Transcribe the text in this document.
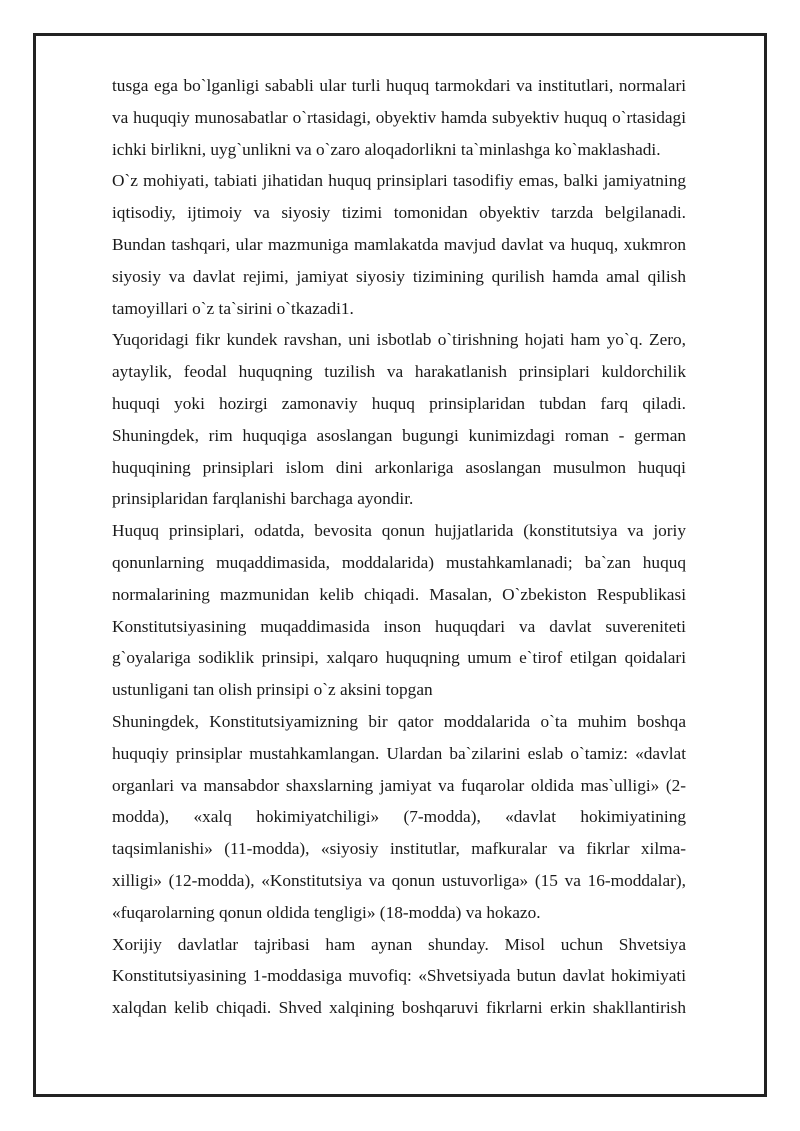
tusga ega bo`lganligi sababli ular turli huquq tarmokdari va institutlari, normalari va huquqiy munosabatlar o`rtasidagi, obyektiv hamda subyektiv huquq o`rtasidagi ichki birlikni, uyg`unlikni va o`zaro aloqadorlikni ta`minlashga ko`maklashadi.

O`z mohiyati, tabiati jihatidan huquq prinsiplari tasodifiy emas, balki jamiyatning iqtisodiy, ijtimoiy va siyosiy tizimi tomonidan obyektiv tarzda belgilanadi. Bundan tashqari, ular mazmuniga mamlakatda mavjud davlat va huquq, xukmron siyosiy va davlat rejimi, jamiyat siyosiy tizimining qurilish hamda amal qilish tamoyillari o`z ta`sirini o`tkazadi1.

Yuqoridagi fikr kundek ravshan, uni isbotlab o`tirishning hojati ham yo`q. Zero, aytaylik, feodal huquqning tuzilish va harakatlanish prinsiplari kuldorchilik huquqi yoki hozirgi zamonaviy huquq prinsiplaridan tubdan farq qiladi. Shuningdek, rim huquqiga asoslangan bugungi kunimizdagi roman - german huquqining prinsiplari islom dini arkonlariga asoslangan musulmon huquqi prinsiplaridan farqlanishi barchaga ayondir.

Huquq prinsiplari, odatda, bevosita qonun hujjatlarida (konstitutsiya va joriy qonunlarning muqaddimasida, moddalarida) mustahkamlanadi; ba`zan huquq normalarining mazmunidan kelib chiqadi. Masalan, O`zbekiston Respublikasi Konstitutsiyasining muqaddimasida inson huquqdari va davlat suvereniteti g`oyalariga sodiklik prinsipi, xalqaro huquqning umum e`tirof etilgan qoidalari ustunligani tan olish prinsipi o`z aksini topgan

Shuningdek, Konstitutsiyamizning bir qator moddalarida o`ta muhim boshqa huquqiy prinsiplar mustahkamlangan. Ulardan ba`zilarini eslab o`tamiz: «davlat organlari va mansabdor shaxslarning jamiyat va fuqarolar oldida mas`ulligi» (2-modda), «xalq hokimiyatchiligi» (7-modda), «davlat hokimiyatining taqsimlanishi» (11-modda), «siyosiy institutlar, mafkuralar va fikrlar xilma-xilligi» (12-modda), «Konstitutsiya va qonun ustuvorliga» (15 va 16-moddalar), «fuqarolarning qonun oldida tengligi» (18-modda) va hokazo.

Xorijiy davlatlar tajribasi ham aynan shunday. Misol uchun Shvetsiya Konstitutsiyasining 1-moddasiga muvofiq: «Shvetsiyada butun davlat hokimiyati xalqdan kelib chiqadi. Shved xalqining boshqaruvi fikrlarni erkin shakllantirish
